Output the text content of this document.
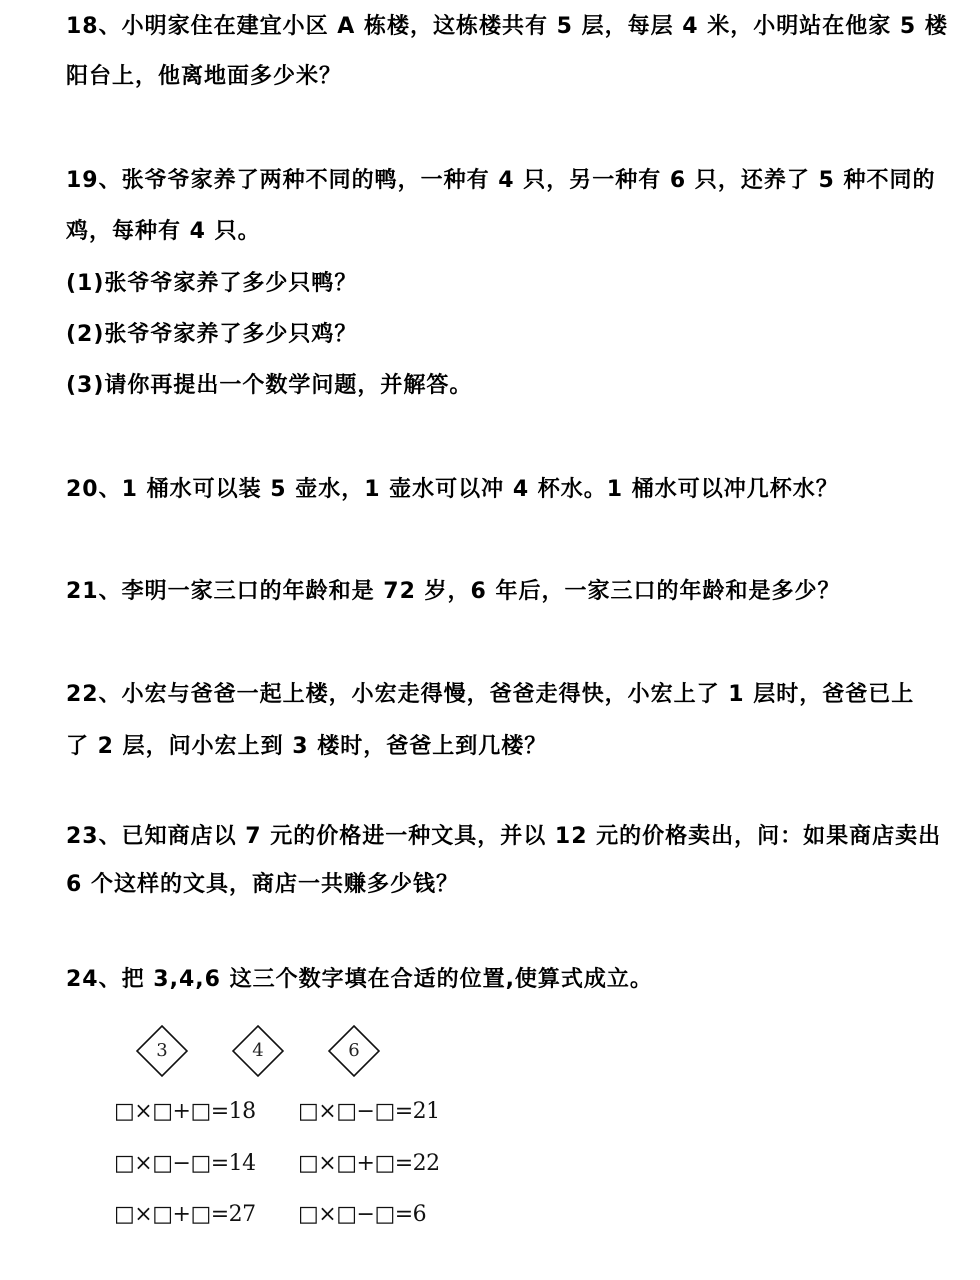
18、小明家住在建宜小区 A 栋楼，这栋楼共有 5 层，每层 4 米，小明站在他家 5 楼
阳台上，他离地面多少米？
19、张爷爷家养了两种不同的鸭，一种有 4 只，另一种有 6 只，还养了 5 种不同的
鸡，每种有 4 只。
(1)张爷爷家养了多少只鸭？
(2)张爷爷家养了多少只鸡？
(3)请你再提出一个数学问题，并解答。
20、1 桶水可以装 5 壶水，1 壶水可以冲 4 杯水。1 桶水可以冲几杯水？
21、李明一家三口的年龄和是 72 岁，6 年后，一家三口的年龄和是多少？
22、小宏与爸爸一起上楼，小宏走得慢，爸爸走得快，小宏上了 1 层时，爸爸已上
了 2 层，问小宏上到 3 楼时，爸爸上到几楼？
23、已知商店以 7 元的价格进一种文具，并以 12 元的价格卖出，问：如果商店卖出
6 个这样的文具，商店一共赚多少钱？
24、把 3,4,6 这三个数字填在合适的位置,使算式成立。
3	4	6
□×□+□=18 □×□−□=21
□×□−□=14 □×□+□=22
□×□+□=27 □×□−□=6
